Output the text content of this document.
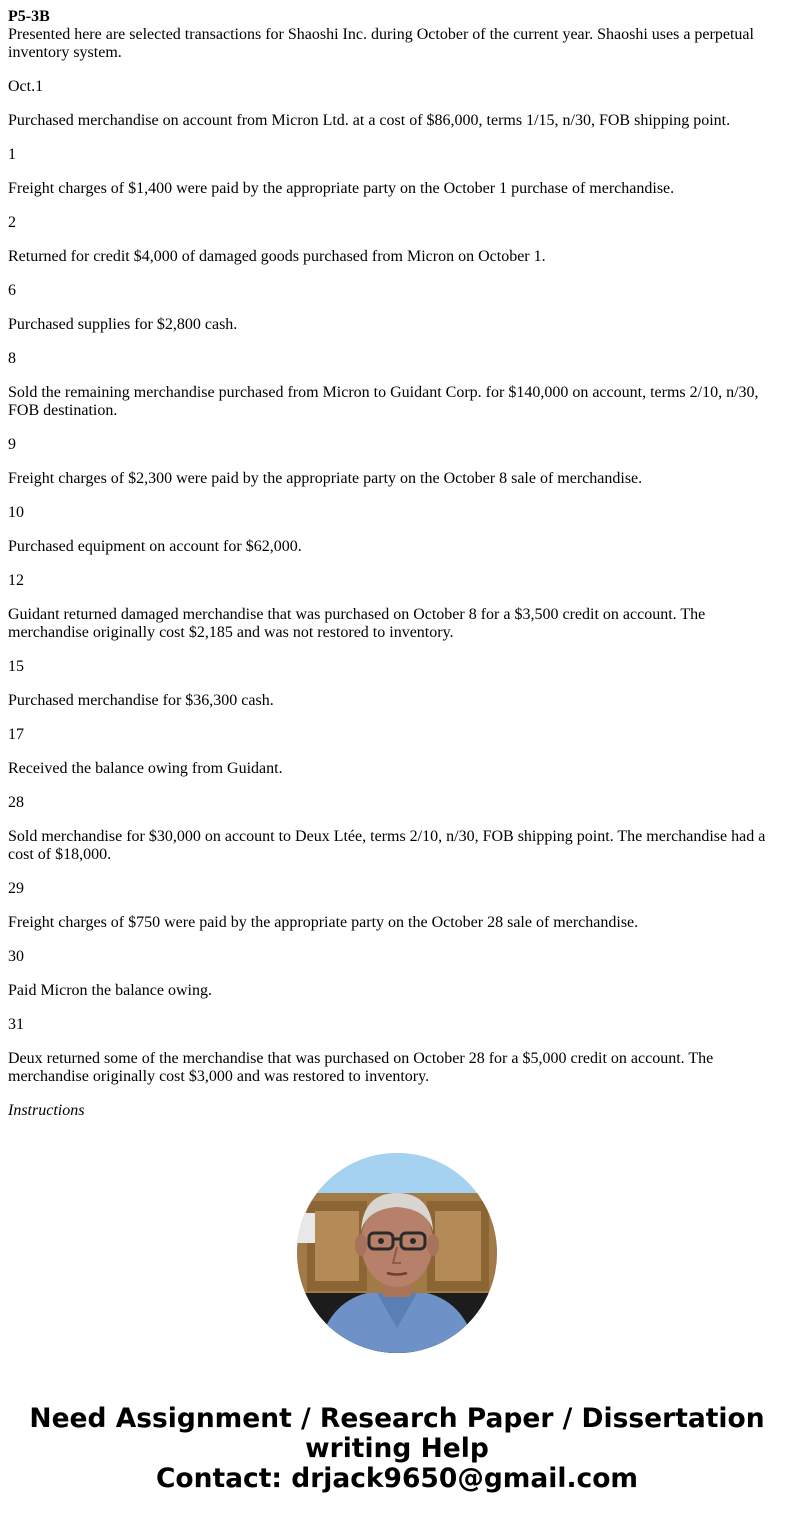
P5-3B

Presented here are selected transactions for Shaoshi Inc. during October of the current year. Shaoshi uses a perpetual inventory system.

Oct.1

Purchased merchandise on account from Micron Ltd. at a cost of $86,000, terms 1/15, n/30, FOB shipping point.

1

Freight charges of $1,400 were paid by the appropriate party on the October 1 purchase of merchandise.

2

Returned for credit $4,000 of damaged goods purchased from Micron on October 1.

6

Purchased supplies for $2,800 cash.

8

Sold the remaining merchandise purchased from Micron to Guidant Corp. for $140,000 on account, terms 2/10, n/30, FOB destination.

9

Freight charges of $2,300 were paid by the appropriate party on the October 8 sale of merchandise.

10

Purchased equipment on account for $62,000.

12

Guidant returned damaged merchandise that was purchased on October 8 for a $3,500 credit on account. The merchandise originally cost $2,185 and was not restored to inventory.

15

Purchased merchandise for $36,300 cash.

17

Received the balance owing from Guidant.

28

Sold merchandise for $30,000 on account to Deux Ltée, terms 2/10, n/30, FOB shipping point. The merchandise had a cost of $18,000.

29

Freight charges of $750 were paid by the appropriate party on the October 28 sale of merchandise.

30

Paid Micron the balance owing.

31

Deux returned some of the merchandise that was purchased on October 28 for a $5,000 credit on account. The merchandise originally cost $3,000 and was restored to inventory.

Instructions

Need Assignment / Research Paper / Dissertation
writing Help
Contact: drjack9650@gmail.com
